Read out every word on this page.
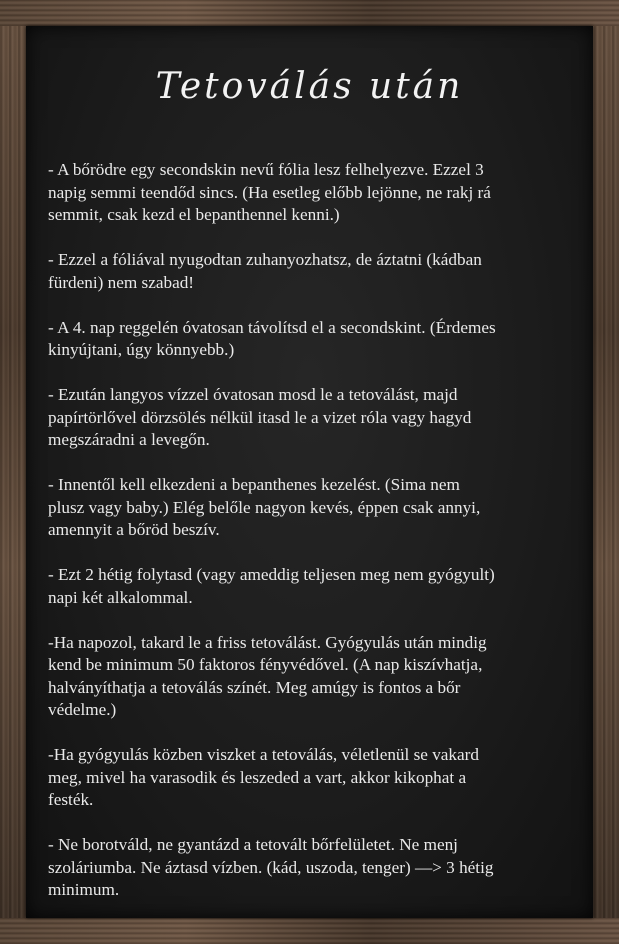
Tetoválás után

- A bőrödre egy secondskin nevű fólia lesz felhelyezve. Ezzel 3
napig semmi teendőd sincs. (Ha esetleg előbb lejönne, ne rakj rá
semmit, csak kezd el bepanthennel kenni.)

- Ezzel a fóliával nyugodtan zuhanyozhatsz, de áztatni (kádban
fürdeni) nem szabad!

- A 4. nap reggelén óvatosan távolítsd el a secondskint. (Érdemes
kinyújtani, úgy könnyebb.)

- Ezután langyos vízzel óvatosan mosd le a tetoválást, majd
papírtörlővel dörzsölés nélkül itasd le a vizet róla vagy hagyd
megszáradni a levegőn.

- Innentől kell elkezdeni a bepanthenes kezelést. (Sima nem
plusz vagy baby.) Elég belőle nagyon kevés, éppen csak annyi,
amennyit a bőröd beszív.

- Ezt 2 hétig folytasd (vagy ameddig teljesen meg nem gyógyult)
napi két alkalommal.

-Ha napozol, takard le a friss tetoválást. Gyógyulás után mindig
kend be minimum 50 faktoros fényvédővel. (A nap kiszívhatja,
halványíthatja a tetoválás színét. Meg amúgy is fontos a bőr
védelme.)

-Ha gyógyulás közben viszket a tetoválás, véletlenül se vakard
meg, mivel ha varasodik és leszeded a vart, akkor kikophat a
festék.

- Ne borotváld, ne gyantázd a tetovált bőrfelületet. Ne menj
szoláriumba. Ne áztasd vízben. (kád, uszoda, tenger) —> 3 hétig
minimum.
